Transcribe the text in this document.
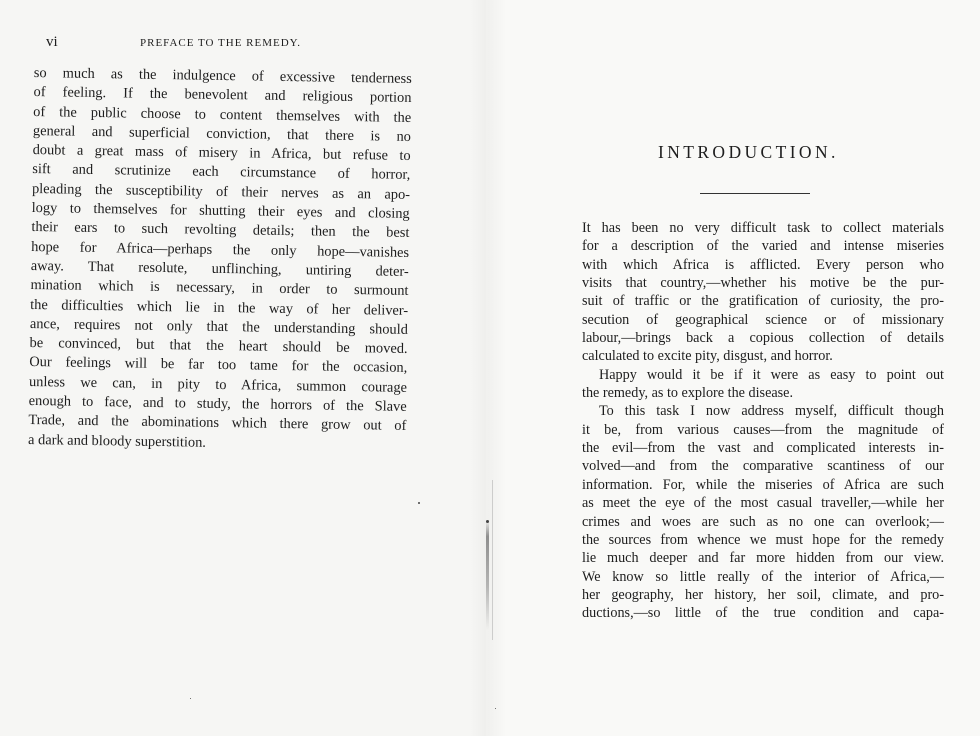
vi	PREFACE TO THE REMEDY.
so much as the indulgence of excessive tenderness
of feeling. If the benevolent and religious portion
of the public choose to content themselves with the
general and superficial conviction, that there is no
doubt a great mass of misery in Africa, but refuse to
sift and scrutinize each circumstance of horror,
pleading the susceptibility of their nerves as an apo-
logy to themselves for shutting their eyes and closing
their ears to such revolting details; then the best
hope for Africa—perhaps the only hope—vanishes
away. That resolute, unflinching, untiring deter-
mination which is necessary, in order to surmount
the difficulties which lie in the way of her deliver-
ance, requires not only that the understanding should
be convinced, but that the heart should be moved.
Our feelings will be far too tame for the occasion,
unless we can, in pity to Africa, summon courage
enough to face, and to study, the horrors of the Slave
Trade, and the abominations which there grow out of
a dark and bloody superstition.
INTRODUCTION.
It has been no very difficult task to collect materials
for a description of the varied and intense miseries
with which Africa is afflicted. Every person who
visits that country,—whether his motive be the pur-
suit of traffic or the gratification of curiosity, the pro-
secution of geographical science or of missionary
labour,—brings back a copious collection of details
calculated to excite pity, disgust, and horror.
Happy would it be if it were as easy to point out
the remedy, as to explore the disease.
To this task I now address myself, difficult though
it be, from various causes—from the magnitude of
the evil—from the vast and complicated interests in-
volved—and from the comparative scantiness of our
information. For, while the miseries of Africa are such
as meet the eye of the most casual traveller,—while her
crimes and woes are such as no one can overlook;—
the sources from whence we must hope for the remedy
lie much deeper and far more hidden from our view.
We know so little really of the interior of Africa,—
her geography, her history, her soil, climate, and pro-
ductions,—so little of the true condition and capa-
